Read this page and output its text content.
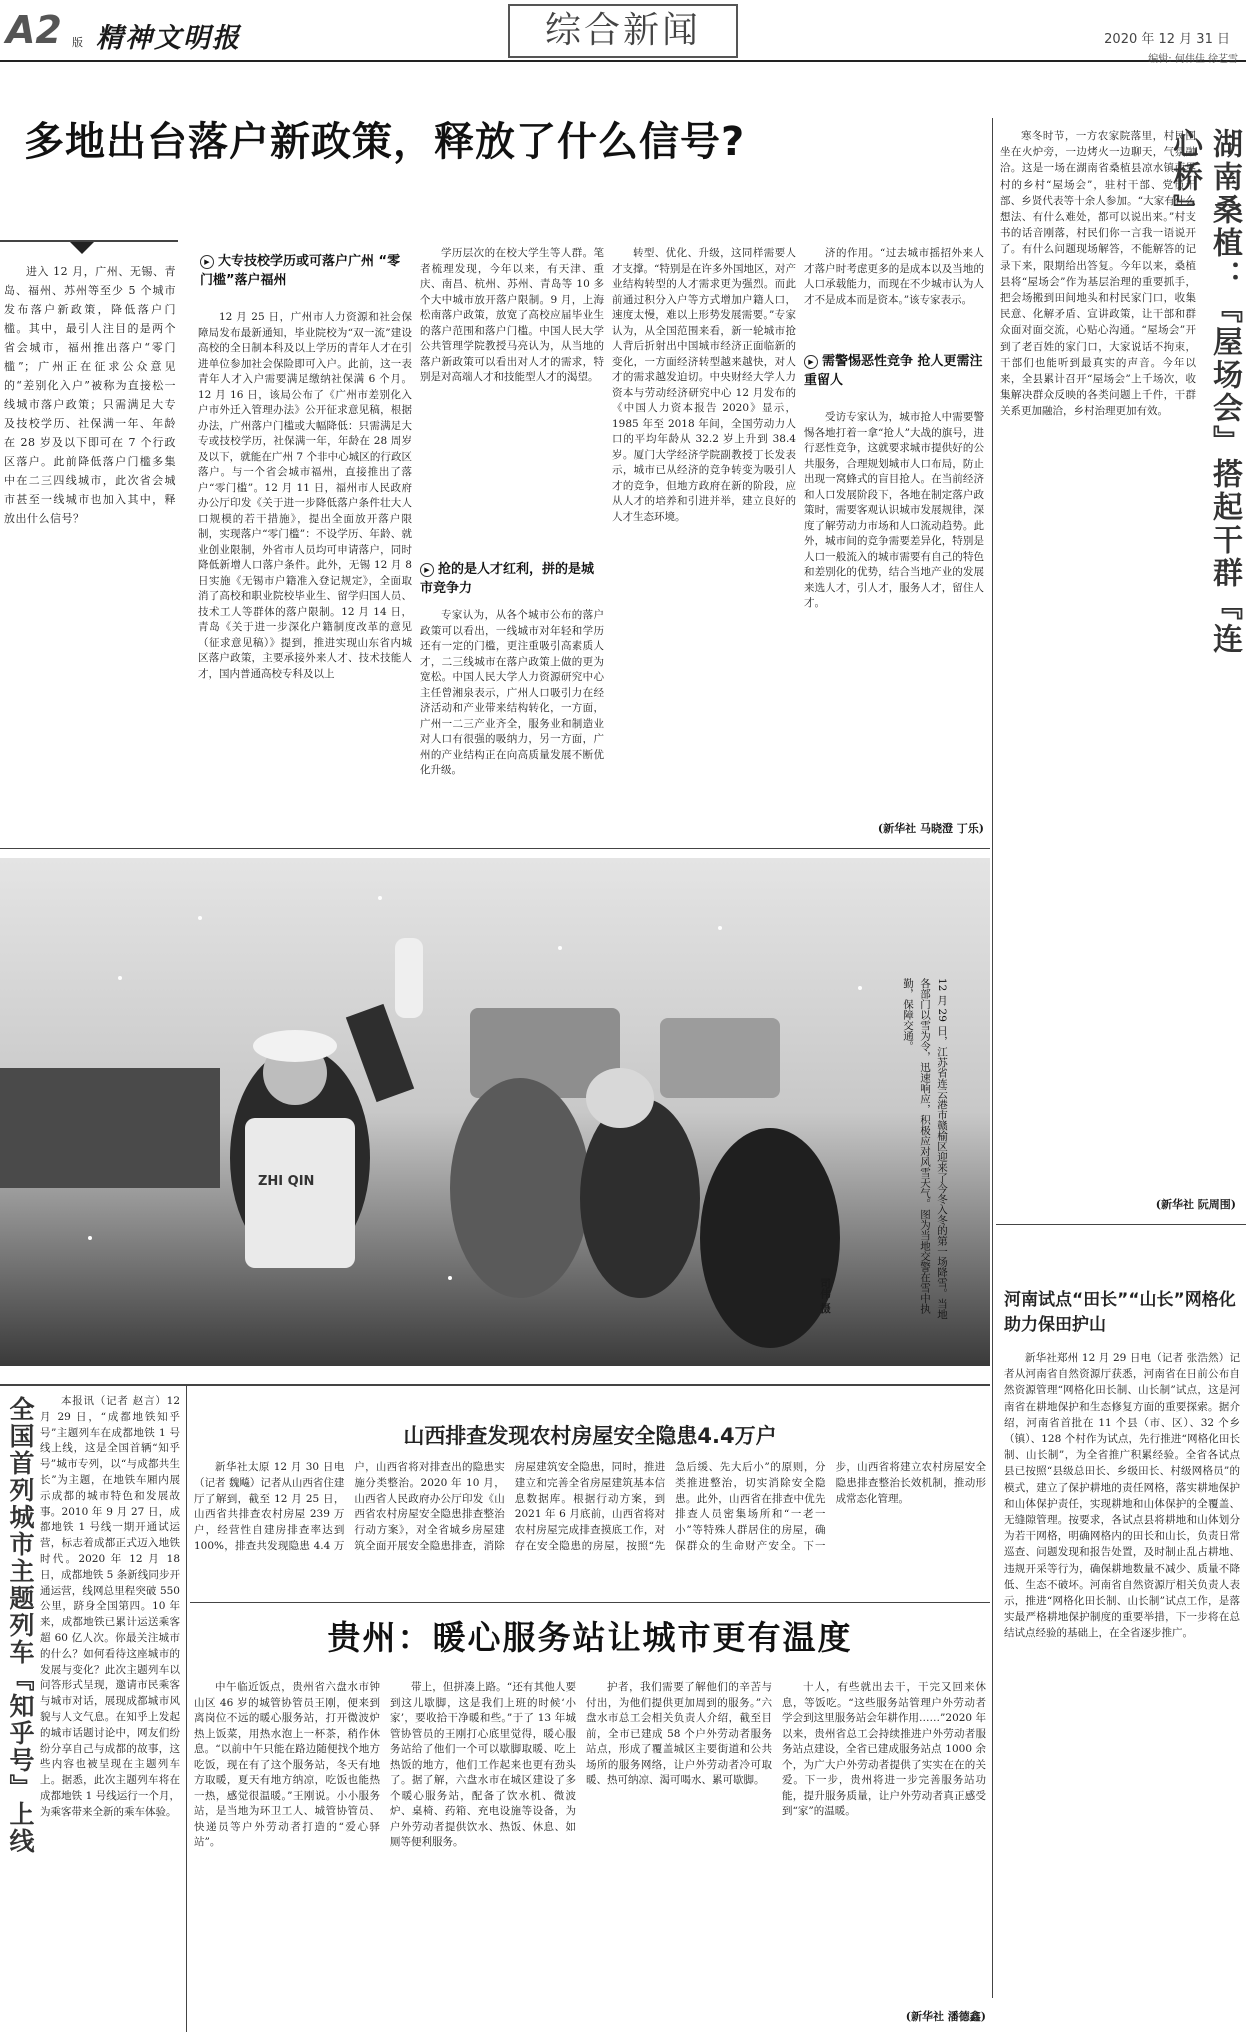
A2 版 精神文明报	综合新闻	2020 年 12 月 31 日
编辑: 何伟佳 徐艺雪
多地出台落户新政策，释放了什么信号?

进入 12 月，广州、无锡、青岛、福州、苏州等至少 5 个城市发布落户新政策，降低落户门槛。其中，最引人注目的是两个省会城市，福州推出落户“零门槛”；广州正在征求公众意见的“差别化入户”被称为直接松一线城市落户政策；只需满足大专及技校学历、社保满一年、年龄在 28 岁及以下即可在 7 个行政区落户。此前降低落户门槛多集中在二三四线城市，此次省会城市甚至一线城市也加入其中，释放出什么信号？

▶ 大专技校学历或可落户广州 “零门槛”落户福州

12 月 25 日，广州市人力资源和社会保障局发布最新通知，毕业院校为“双一流”建设高校的全日制本科及以上学历的青年人才在引进单位参加社会保险即可入户。此前，这一表青年人才入户需要满足缴纳社保满 6 个月。12 月 16 日，该局公布了《广州市差别化入户市外迁入管理办法》公开征求意见稿，根据办法，广州落户门槛或大幅降低：只需满足大专或技校学历，社保满一年，年龄在 28 周岁及以下，就能在广州 7 个非中心城区的行政区落户。与一个省会城市福州，直接推出了落户“零门槛”。12 月 11 日，福州市人民政府办公厅印发《关于进一步降低落户条件壮大人口规模的若干措施》，提出全面放开落户限制，实现落户“零门槛”：不设学历、年龄、就业创业限制，外省市人员均可申请落户，同时降低新增人口落户条件。此外，无锡 12 月 8 日实施《无锡市户籍准入登记规定》，全面取消了高校和职业院校毕业生、留学归国人员、技术工人等群体的落户限制。12 月 14 日，青岛《关于进一步深化户籍制度改革的意见（征求意见稿）》提到，推进实现山东省内城区落户政策，主要承接外来人才、技术技能人才，国内普通高校专科及以上

学历层次的在校大学生等人群。笔者梳理发现，今年以来，有天津、重庆、南昌、杭州、苏州、青岛等 10 多个大中城市放开落户限制。9 月，上海松南落户政策，放宽了高校应届毕业生的落户范围和落户门槛。中国人民大学公共管理学院教授马亮认为，从当地的落户新政策可以看出对人才的需求，特别是对高端人才和技能型人才的渴望。

▶ 抢的是人才红利，拼的是城市竞争力

专家认为，从各个城市公布的落户政策可以看出，一线城市对年轻和学历还有一定的门槛，更注重吸引高素质人才，二三线城市在落户政策上做的更为宽松。中国人民大学人力资源研究中心主任曾湘泉表示，广州人口吸引力在经济活动和产业带来结构转化，一方面，广州一二三产业齐全，服务业和制造业对人口有很强的吸纳力，另一方面，广州的产业结构正在向高质量发展不断优化升级。

转型、优化、升级，这同样需要人才支撑。“特别是在许多外国地区，对产业结构转型的人才需求更为强烈。而此前通过积分入户等方式增加户籍人口，速度太慢，难以上形势发展需要。”专家认为，从全国范围来看，新一轮城市抢人背后折射出中国城市经济正面临新的变化，一方面经济转型越来越快，对人才的需求越发迫切。中央财经大学人力资本与劳动经济研究中心 12 月发布的《中国人力资本报告 2020》显示，1985 年至 2018 年间，全国劳动力人口的平均年龄从 32.2 岁上升到 38.4 岁。厦门大学经济学院副教授丁长发表示，城市已从经济的竞争转变为吸引人才的竞争，但地方政府在新的阶段，应从人才的培养和引进并举，建立良好的人才生态环境。

济的作用。“过去城市摇招外来人才落户时考虑更多的是成本以及当地的人口承载能力，而现在不少城市认为人才不是成本而是资本。”该专家表示。

▶ 需警惕恶性竞争 抢人更需注重留人

受访专家认为，城市抢人中需要警惕各地打着一拿“抢人”大战的旗号，进行恶性竞争，这就要求城市提供好的公共服务，合理规划城市人口布局，防止出现一窝蜂式的盲目抢人。在当前经济和人口发展阶段下，各地在制定落户政策时，需要客观认识城市发展规律，深度了解劳动力市场和人口流动趋势。此外，城市间的竞争需要差异化，特别是人口一般流入的城市需要有自己的特色和差别化的优势，结合当地产业的发展来选人才，引人才，服务人才，留住人才。

(新华社 马晓澄 丁乐)
ZHI QIN	12 月 29 日，江苏省连云港市赣榆区迎来了今冬入冬的第一场降雪。当地各部门以雪为令，迅速响应，积极应对风雪天气。图为当地交警在雪中执勤，保障交通。
司伟 摄

寒冬时节，一方农家院落里，村民围坐在火炉旁，一边烤火一边聊天，气氛融洽。这是一场在湖南省桑植县凉水镇西界村的乡村“屋场会”，驻村干部、党员干部、乡贤代表等十余人参加。“大家有什么想法、有什么难处，都可以说出来。”村支书的话音刚落，村民们你一言我一语说开了。有什么问题现场解答，不能解答的记录下来，限期给出答复。今年以来，桑植县将“屋场会”作为基层治理的重要抓手，把会场搬到田间地头和村民家门口，收集民意、化解矛盾、宣讲政策，让干部和群众面对面交流，心贴心沟通。“屋场会”开到了老百姓的家门口，大家说话不拘束，干部们也能听到最真实的声音。今年以来，全县累计召开“屋场会”上千场次，收集解决群众反映的各类问题上千件，干群关系更加融洽，乡村治理更加有效。	湖南桑植：『屋场会』搭起干群『连心桥』
(新华社 阮周围)
河南试点“田长”“山长”网格化助力保田护山

新华社郑州 12 月 29 日电（记者 张浩然）记者从河南省自然资源厅获悉，河南省在日前公布自然资源管理“网格化田长制、山长制”试点，这是河南省在耕地保护和生态修复方面的重要探索。据介绍，河南省首批在 11 个县（市、区）、32 个乡（镇）、128 个村作为试点，先行推进“网格化田长制、山长制”，为全省推广积累经验。全省各试点县已按照“县级总田长、乡级田长、村级网格员”的模式，建立了保护耕地的责任网格，落实耕地保护和山体保护责任，实现耕地和山体保护的全覆盖、无缝隙管理。按要求，各试点县将耕地和山体划分为若干网格，明确网格内的田长和山长，负责日常巡查、问题发现和报告处置，及时制止乱占耕地、违规开采等行为，确保耕地数量不减少、质量不降低、生态不破坏。河南省自然资源厅相关负责人表示，推进“网格化田长制、山长制”试点工作，是落实最严格耕地保护制度的重要举措，下一步将在总结试点经验的基础上，在全省逐步推广。

全国首列城市主题列车『知乎号』上线	本报讯（记者 赵言）12 月 29 日，“成都地铁知乎号”主题列车在成都地铁 1 号线上线，这是全国首辆“知乎号”城市专列，以“与成都共生长”为主题，在地铁车厢内展示成都的城市特色和发展故事。2010 年 9 月 27 日，成都地铁 1 号线一期开通试运营，标志着成都正式迈入地铁时代。2020 年 12 月 18 日，成都地铁 5 条新线同步开通运营，线网总里程突破 550 公里，跻身全国第四。10 年来，成都地铁已累计运送乘客超 60 亿人次。你最关注城市的什么？如何看待这座城市的发展与变化？此次主题列车以问答形式呈现，邀请市民乘客与城市对话，展现成都城市风貌与人文气息。在知乎上发起的城市话题讨论中，网友们纷纷分享自己与成都的故事，这些内容也被呈现在主题列车上。据悉，此次主题列车将在成都地铁 1 号线运行一个月，为乘客带来全新的乘车体验。

山西排查发现农村房屋安全隐患4.4万户

新华社太原 12 月 30 日电（记者 魏飚）记者从山西省住建厅了解到，截至 12 月 25 日，山西省共排查农村房屋 239 万户，经营性自建房排查率达到 100%，排查共发现隐患 4.4 万户，山西省将对排查出的隐患实施分类整治。2020 年 10 月，山西省人民政府办公厅印发《山西省农村房屋安全隐患排查整治行动方案》，对全省城乡房屋建筑全面开展安全隐患排查，消除房屋建筑安全隐患，同时，推进建立和完善全省房屋建筑基本信息数据库。根据行动方案，到 2021 年 6 月底前，山西省将对农村房屋完成排查摸底工作，对存在安全隐患的房屋，按照“先急后缓、先大后小”的原则，分类推进整治，切实消除安全隐患。此外，山西省在排查中优先排查人员密集场所和“一老一小”等特殊人群居住的房屋，确保群众的生命财产安全。下一步，山西省将建立农村房屋安全隐患排查整治长效机制，推动形成常态化管理。

贵州：暖心服务站让城市更有温度

中午临近饭点，贵州省六盘水市钟山区 46 岁的城管协管员王刚，便来到离岗位不远的暖心服务站，打开微波炉热上饭菜，用热水泡上一杯茶，稍作休息。“以前中午只能在路边随便找个地方吃饭，现在有了这个服务站，冬天有地方取暖，夏天有地方纳凉，吃饭也能热一热，感觉很温暖。”王刚说。小小服务站，是当地为环卫工人、城管协管员、快递员等户外劳动者打造的“爱心驿站”。

带上，但拼凑上路。“还有其他人要到这儿歇脚，这是我们上班的时候‘小家’，要收拾干净暖和些。”于了 13 年城管协管员的王刚打心底里觉得，暖心服务站给了他们一个可以歇脚取暖、吃上热饭的地方，他们工作起来也更有劲头了。据了解，六盘水市在城区建设了多个暖心服务站，配备了饮水机、微波炉、桌椅、药箱、充电设施等设备，为户外劳动者提供饮水、热饭、休息、如厕等便利服务。

护者，我们需要了解他们的辛苦与付出，为他们提供更加周到的服务。”六盘水市总工会相关负责人介绍，截至目前，全市已建成 58 个户外劳动者服务站点，形成了覆盖城区主要街道和公共场所的服务网络，让户外劳动者冷可取暖、热可纳凉、渴可喝水、累可歇脚。

十人，有些就出去干，干完又回来休息，等饭吃。“这些服务站管理户外劳动者学会到这里服务站会年耕作用……”2020 年以来，贵州省总工会持续推进户外劳动者服务站点建设，全省已建成服务站点 1000 余个，为广大户外劳动者提供了实实在在的关爱。下一步，贵州将进一步完善服务站功能，提升服务质量，让户外劳动者真正感受到“家”的温暖。

(新华社 潘德鑫)
